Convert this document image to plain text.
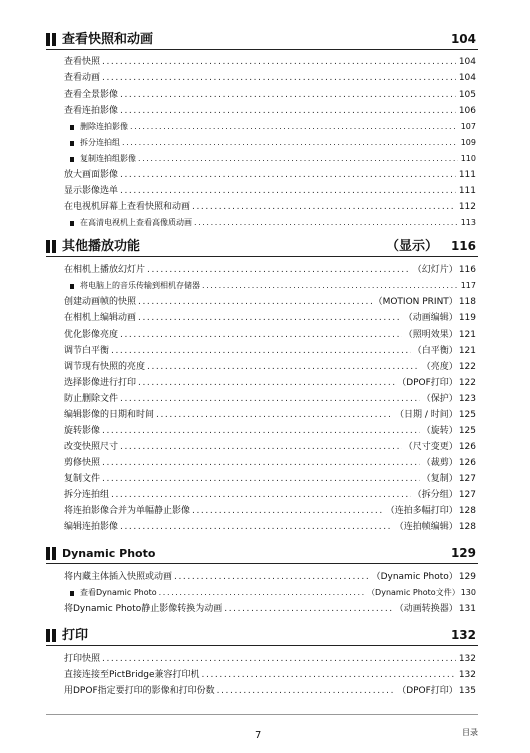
查看快照和动画	104
查看快照 .....	104
查看动画 .....	104
查看全景影像 .....	105
查看连拍影像 .....	106
删除连拍影像 .....	107
拆分连拍组 .....	109
复制连拍组影像 .....	110
放大画面影像 .....	111
显示影像选单 .....	111
在电视机屏幕上查看快照和动画 .....	112
在高清电视机上查看高像质动画 .....	113
其他播放功能	（显示） 116
在相机上播放幻灯片 .....	（幻灯片） 116
将电脑上的音乐传输到相机存储器 .....	117
创建动画帧的快照 .....	（MOTION PRINT） 118
在相机上编辑动画 .....	（动画编辑） 119
优化影像亮度 .....	（照明效果） 121
调节白平衡 .....	（白平衡） 121
调节现有快照的亮度 .....	（亮度） 122
选择影像进行打印 .....	（DPOF打印） 122
防止删除文件 .....	（保护） 123
编辑影像的日期和时间 .....	（日期 / 时间） 125
旋转影像 .....	（旋转） 125
改变快照尺寸 .....	（尺寸变更） 126
剪修快照 .....	（裁剪） 126
复制文件 .....	（复制） 127
拆分连拍组 .....	（拆分组） 127
将连拍影像合并为单幅静止影像 .....	（连拍多幅打印） 128
编辑连拍影像 .....	（连拍帧编辑） 128
Dynamic Photo	129
将内藏主体插入快照或动画 .....	（Dynamic Photo） 129
查看Dynamic Photo .....	（Dynamic Photo文件） 130
将Dynamic Photo静止影像转换为动画 .....	（动画转换器） 131
打印	132
打印快照 .....	132
直接连接至PictBridge兼容打印机 .....	132
用DPOF指定要打印的影像和打印份数 .....	（DPOF打印） 135
7	目录
